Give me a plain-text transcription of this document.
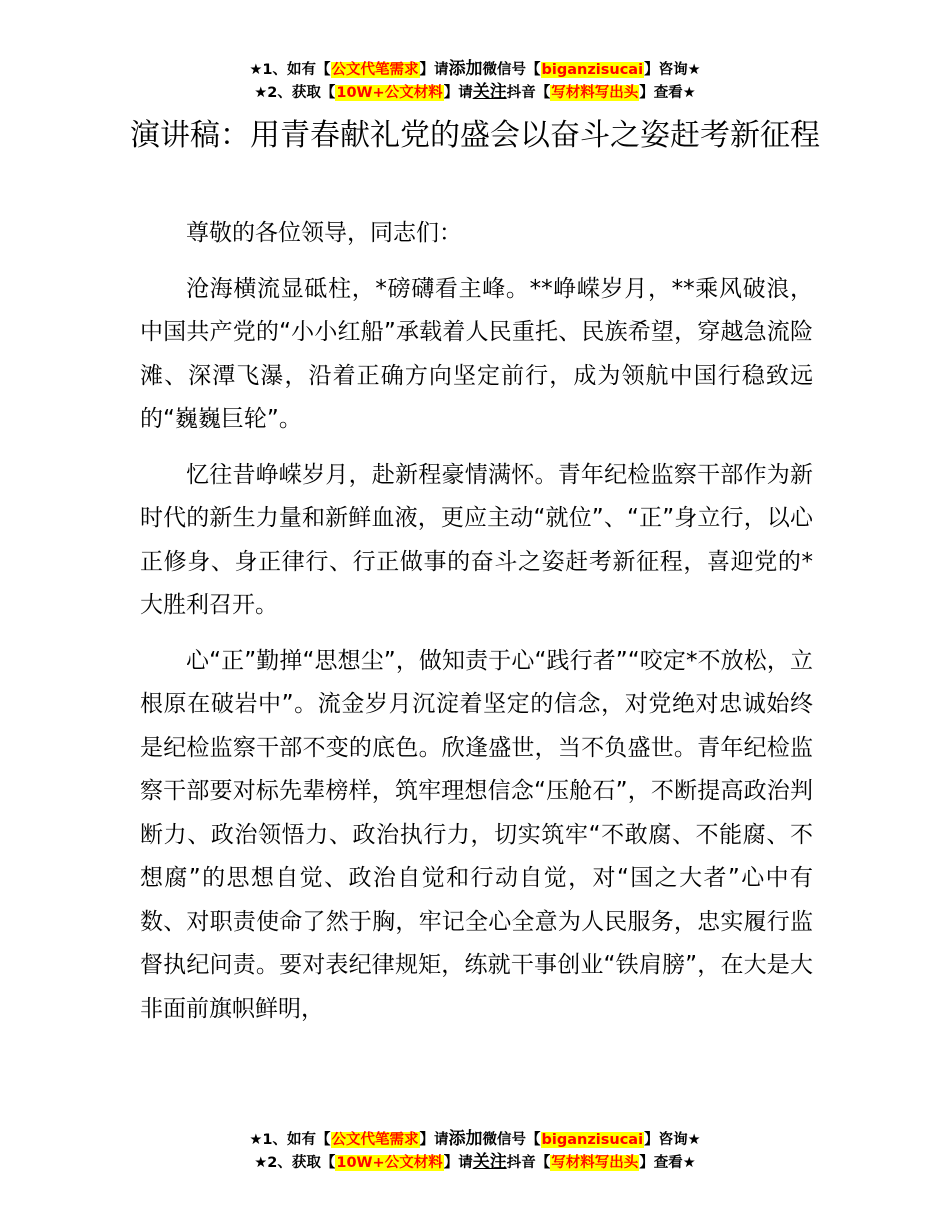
★1、如有【公文代笔需求】请添加微信号【biganzisucai】咨询★
★2、获取【10W+公文材料】请关注抖音【写材料写出头】查看★
演讲稿：用青春献礼党的盛会以奋斗之姿赶考新征程

尊敬的各位领导，同志们：

沧海横流显砥柱，*磅礴看主峰。**峥嵘岁月，**乘风破浪，中国共产党的“小小红船”承载着人民重托、民族希望，穿越急流险滩、深潭飞瀑，沿着正确方向坚定前行，成为领航中国行稳致远的“巍巍巨轮”。

忆往昔峥嵘岁月，赴新程豪情满怀。青年纪检监察干部作为新时代的新生力量和新鲜血液，更应主动“就位”、“正”身立行，以心正修身、身正律行、行正做事的奋斗之姿赶考新征程，喜迎党的*大胜利召开。

心“正”勤掸“思想尘”，做知责于心“践行者”“咬定*不放松，立根原在破岩中”。流金岁月沉淀着坚定的信念，对党绝对忠诚始终是纪检监察干部不变的底色。欣逢盛世，当不负盛世。青年纪检监察干部要对标先辈榜样，筑牢理想信念“压舱石”，不断提高政治判断力、政治领悟力、政治执行力，切实筑牢“不敢腐、不能腐、不想腐”的思想自觉、政治自觉和行动自觉，对“国之大者”心中有数、对职责使命了然于胸，牢记全心全意为人民服务，忠实履行监督执纪问责。要对表纪律规矩，练就干事创业“铁肩膀”，在大是大非面前旗帜鲜明，

★1、如有【公文代笔需求】请添加微信号【biganzisucai】咨询★
★2、获取【10W+公文材料】请关注抖音【写材料写出头】查看★
